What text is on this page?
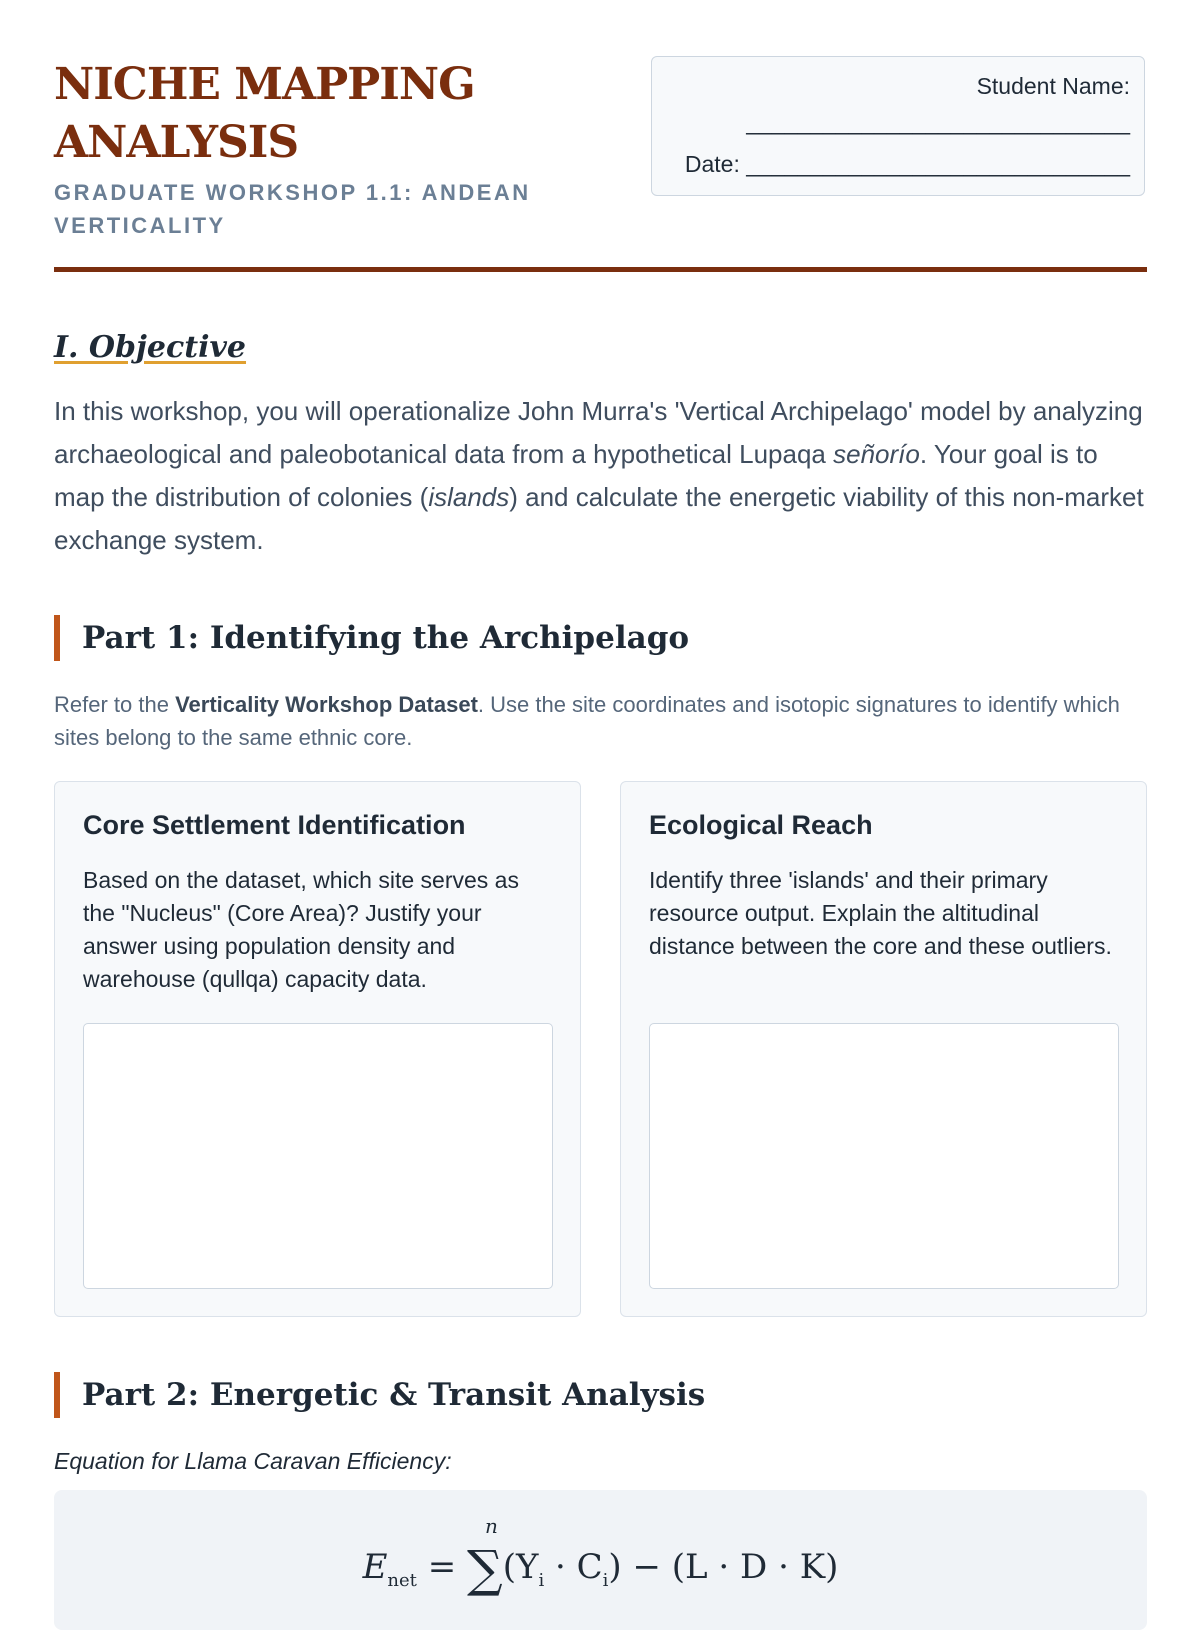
NICHE MAPPING ANALYSIS

GRADUATE WORKSHOP 1.1: ANDEAN VERTICALITY

Student Name:
______________________________
Date: ______________________________
I. Objective

In this workshop, you will operationalize John Murra's 'Vertical Archipelago' model by analyzing archaeological and paleobotanical data from a hypothetical Lupaqa señorío. Your goal is to map the distribution of colonies (islands) and calculate the energetic viability of this non-market exchange system.

Part 1: Identifying the Archipelago

Refer to the Verticality Workshop Dataset. Use the site coordinates and isotopic signatures to identify which sites belong to the same ethnic core.

Core Settlement Identification

Based on the dataset, which site serves as the "Nucleus" (Core Area)? Justify your answer using population density and warehouse (qullqa) capacity data.

Ecological Reach

Identify three 'islands' and their primary resource output. Explain the altitudinal distance between the core and these outliers.

Part 2: Energetic & Transit Analysis

Equation for Llama Caravan Efficiency:

$E_{net}$ =
n
$\sum(Y_i \cdot C_i) - (L \cdot D \cdot K)$
